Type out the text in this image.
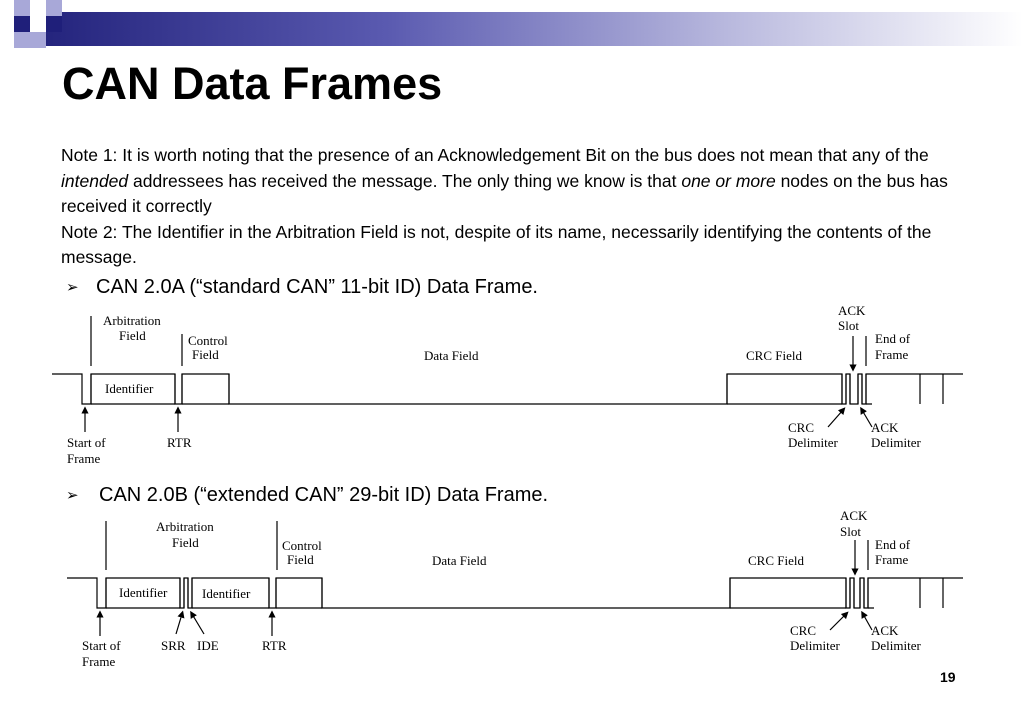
CAN Data Frames

Note 1: It is worth noting that the presence of an Acknowledgement Bit on the bus does not mean that any of the intended addressees has received the message. The only thing we know is that one or more nodes on the bus has received it correctly

Note 2: The Identifier in the Arbitration Field is not, despite of its name, necessarily identifying the contents of the message.

➢ CAN 2.0A (“standard CAN” 11-bit ID) Data Frame.
➢ CAN 2.0B (“extended CAN” 29-bit ID) Data Frame.
Arbitration
Field	Control
Field	Data Field	CRC Field
ACK
Slot
End of
Frame
Identifier
Start of
Frame
RTR
CRC
Delimiter
ACK
Delimiter
Arbitration
Field	Control
Field	Data Field	CRC Field
ACK
Slot
End of
Frame
Identifier	Identifier
Start of
Frame
SRR IDE	RTR
CRC
Delimiter
ACK
Delimiter
19
